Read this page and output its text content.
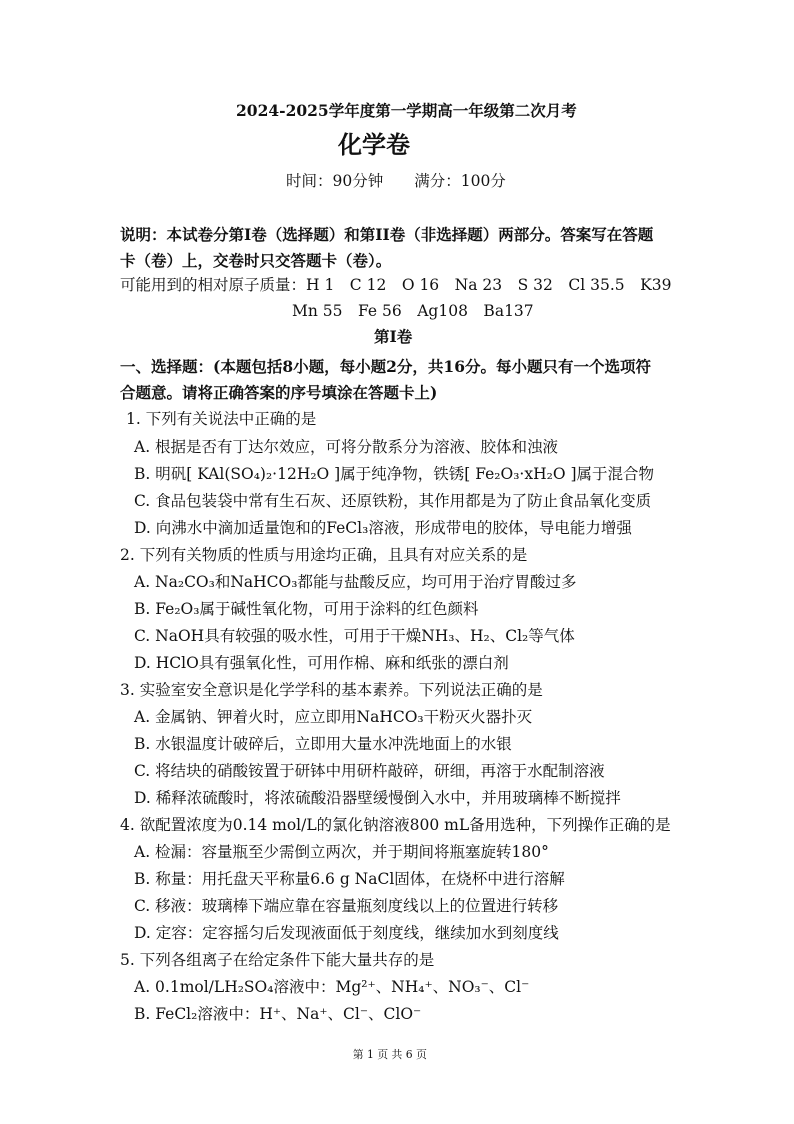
2024-2025学年度第一学期高一年级第二次月考
化学卷
时间：90分钟　　满分：100分
说明：本试卷分第I卷（选择题）和第II卷（非选择题）两部分。答案写在答题
卡（卷）上，交卷时只交答题卡（卷）。
可能用到的相对原子质量：H 1　C 12　O 16　Na 23　S 32　Cl 35.5　K39
Mn 55　Fe 56　Ag108　Ba137
第I卷
一、选择题：(本题包括8小题，每小题2分，共16分。每小题只有一个选项符
合题意。请将正确答案的序号填涂在答题卡上)
1. 下列有关说法中正确的是
A. 根据是否有丁达尔效应，可将分散系分为溶液、胶体和浊液
B. 明矾[ KAl(SO₄)₂·12H₂O ]属于纯净物，铁锈[ Fe₂O₃·xH₂O ]属于混合物
C. 食品包装袋中常有生石灰、还原铁粉，其作用都是为了防止食品氧化变质
D. 向沸水中滴加适量饱和的FeCl₃溶液，形成带电的胶体，导电能力增强
2. 下列有关物质的性质与用途均正确，且具有对应关系的是
A. Na₂CO₃和NaHCO₃都能与盐酸反应，均可用于治疗胃酸过多
B. Fe₂O₃属于碱性氧化物，可用于涂料的红色颜料
C. NaOH具有较强的吸水性，可用于干燥NH₃、H₂、Cl₂等气体
D. HClO具有强氧化性，可用作棉、麻和纸张的漂白剂
3. 实验室安全意识是化学学科的基本素养。下列说法正确的是
A. 金属钠、钾着火时，应立即用NaHCO₃干粉灭火器扑灭
B. 水银温度计破碎后，立即用大量水冲洗地面上的水银
C. 将结块的硝酸铵置于研钵中用研杵敲碎，研细，再溶于水配制溶液
D. 稀释浓硫酸时，将浓硫酸沿器壁缓慢倒入水中，并用玻璃棒不断搅拌
4. 欲配置浓度为0.14 mol/L的氯化钠溶液800 mL备用选种，下列操作正确的是
A. 检漏：容量瓶至少需倒立两次，并于期间将瓶塞旋转180°
B. 称量：用托盘天平称量6.6 g NaCl固体，在烧杯中进行溶解
C. 移液：玻璃棒下端应靠在容量瓶刻度线以上的位置进行转移
D. 定容：定容摇匀后发现液面低于刻度线，继续加水到刻度线
5. 下列各组离子在给定条件下能大量共存的是
A. 0.1mol/LH₂SO₄溶液中：Mg²⁺、NH₄⁺、NO₃⁻、Cl⁻
B. FeCl₂溶液中：H⁺、Na⁺、Cl⁻、ClO⁻
第 1 页 共 6 页
